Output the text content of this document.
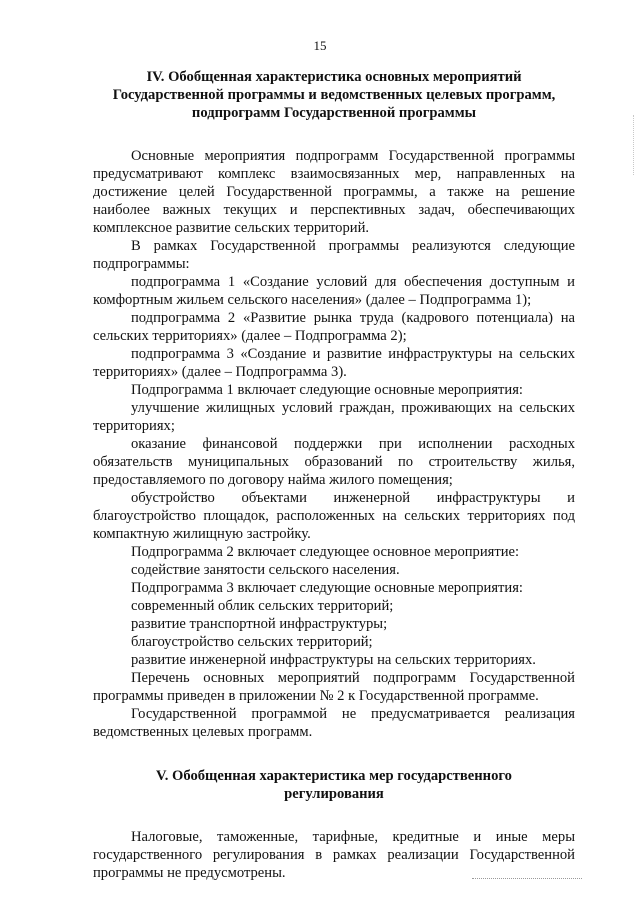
15
IV. Обобщенная характеристика основных мероприятий
Государственной программы и ведомственных целевых программ,
подпрограмм Государственной программы

Основные мероприятия подпрограмм Государственной программы предусматривают комплекс взаимосвязанных мер, направленных на достижение целей Государственной программы, а также на решение наиболее важных текущих и перспективных задач, обеспечивающих комплексное развитие сельских территорий.

В рамках Государственной программы реализуются следующие подпрограммы:

подпрограмма 1 «Создание условий для обеспечения доступным и комфортным жильем сельского населения» (далее – Подпрограмма 1);

подпрограмма 2 «Развитие рынка труда (кадрового потенциала) на сельских территориях» (далее – Подпрограмма 2);

подпрограмма 3 «Создание и развитие инфраструктуры на сельских территориях» (далее – Подпрограмма 3).

Подпрограмма 1 включает следующие основные мероприятия:

улучшение жилищных условий граждан, проживающих на сельских территориях;

оказание финансовой поддержки при исполнении расходных обязательств муниципальных образований по строительству жилья, предоставляемого по договору найма жилого помещения;

обустройство объектами инженерной инфраструктуры и благоустройство площадок, расположенных на сельских территориях под компактную жилищную застройку.

Подпрограмма 2 включает следующее основное мероприятие:

содействие занятости сельского населения.

Подпрограмма 3 включает следующие основные мероприятия:

современный облик сельских территорий;

развитие транспортной инфраструктуры;

благоустройство сельских территорий;

развитие инженерной инфраструктуры на сельских территориях.

Перечень основных мероприятий подпрограмм Государственной программы приведен в приложении № 2 к Государственной программе.

Государственной программой не предусматривается реализация ведомственных целевых программ.

V. Обобщенная характеристика мер государственного
регулирования

Налоговые, таможенные, тарифные, кредитные и иные меры государственного регулирования в рамках реализации Государственной программы не предусмотрены.
